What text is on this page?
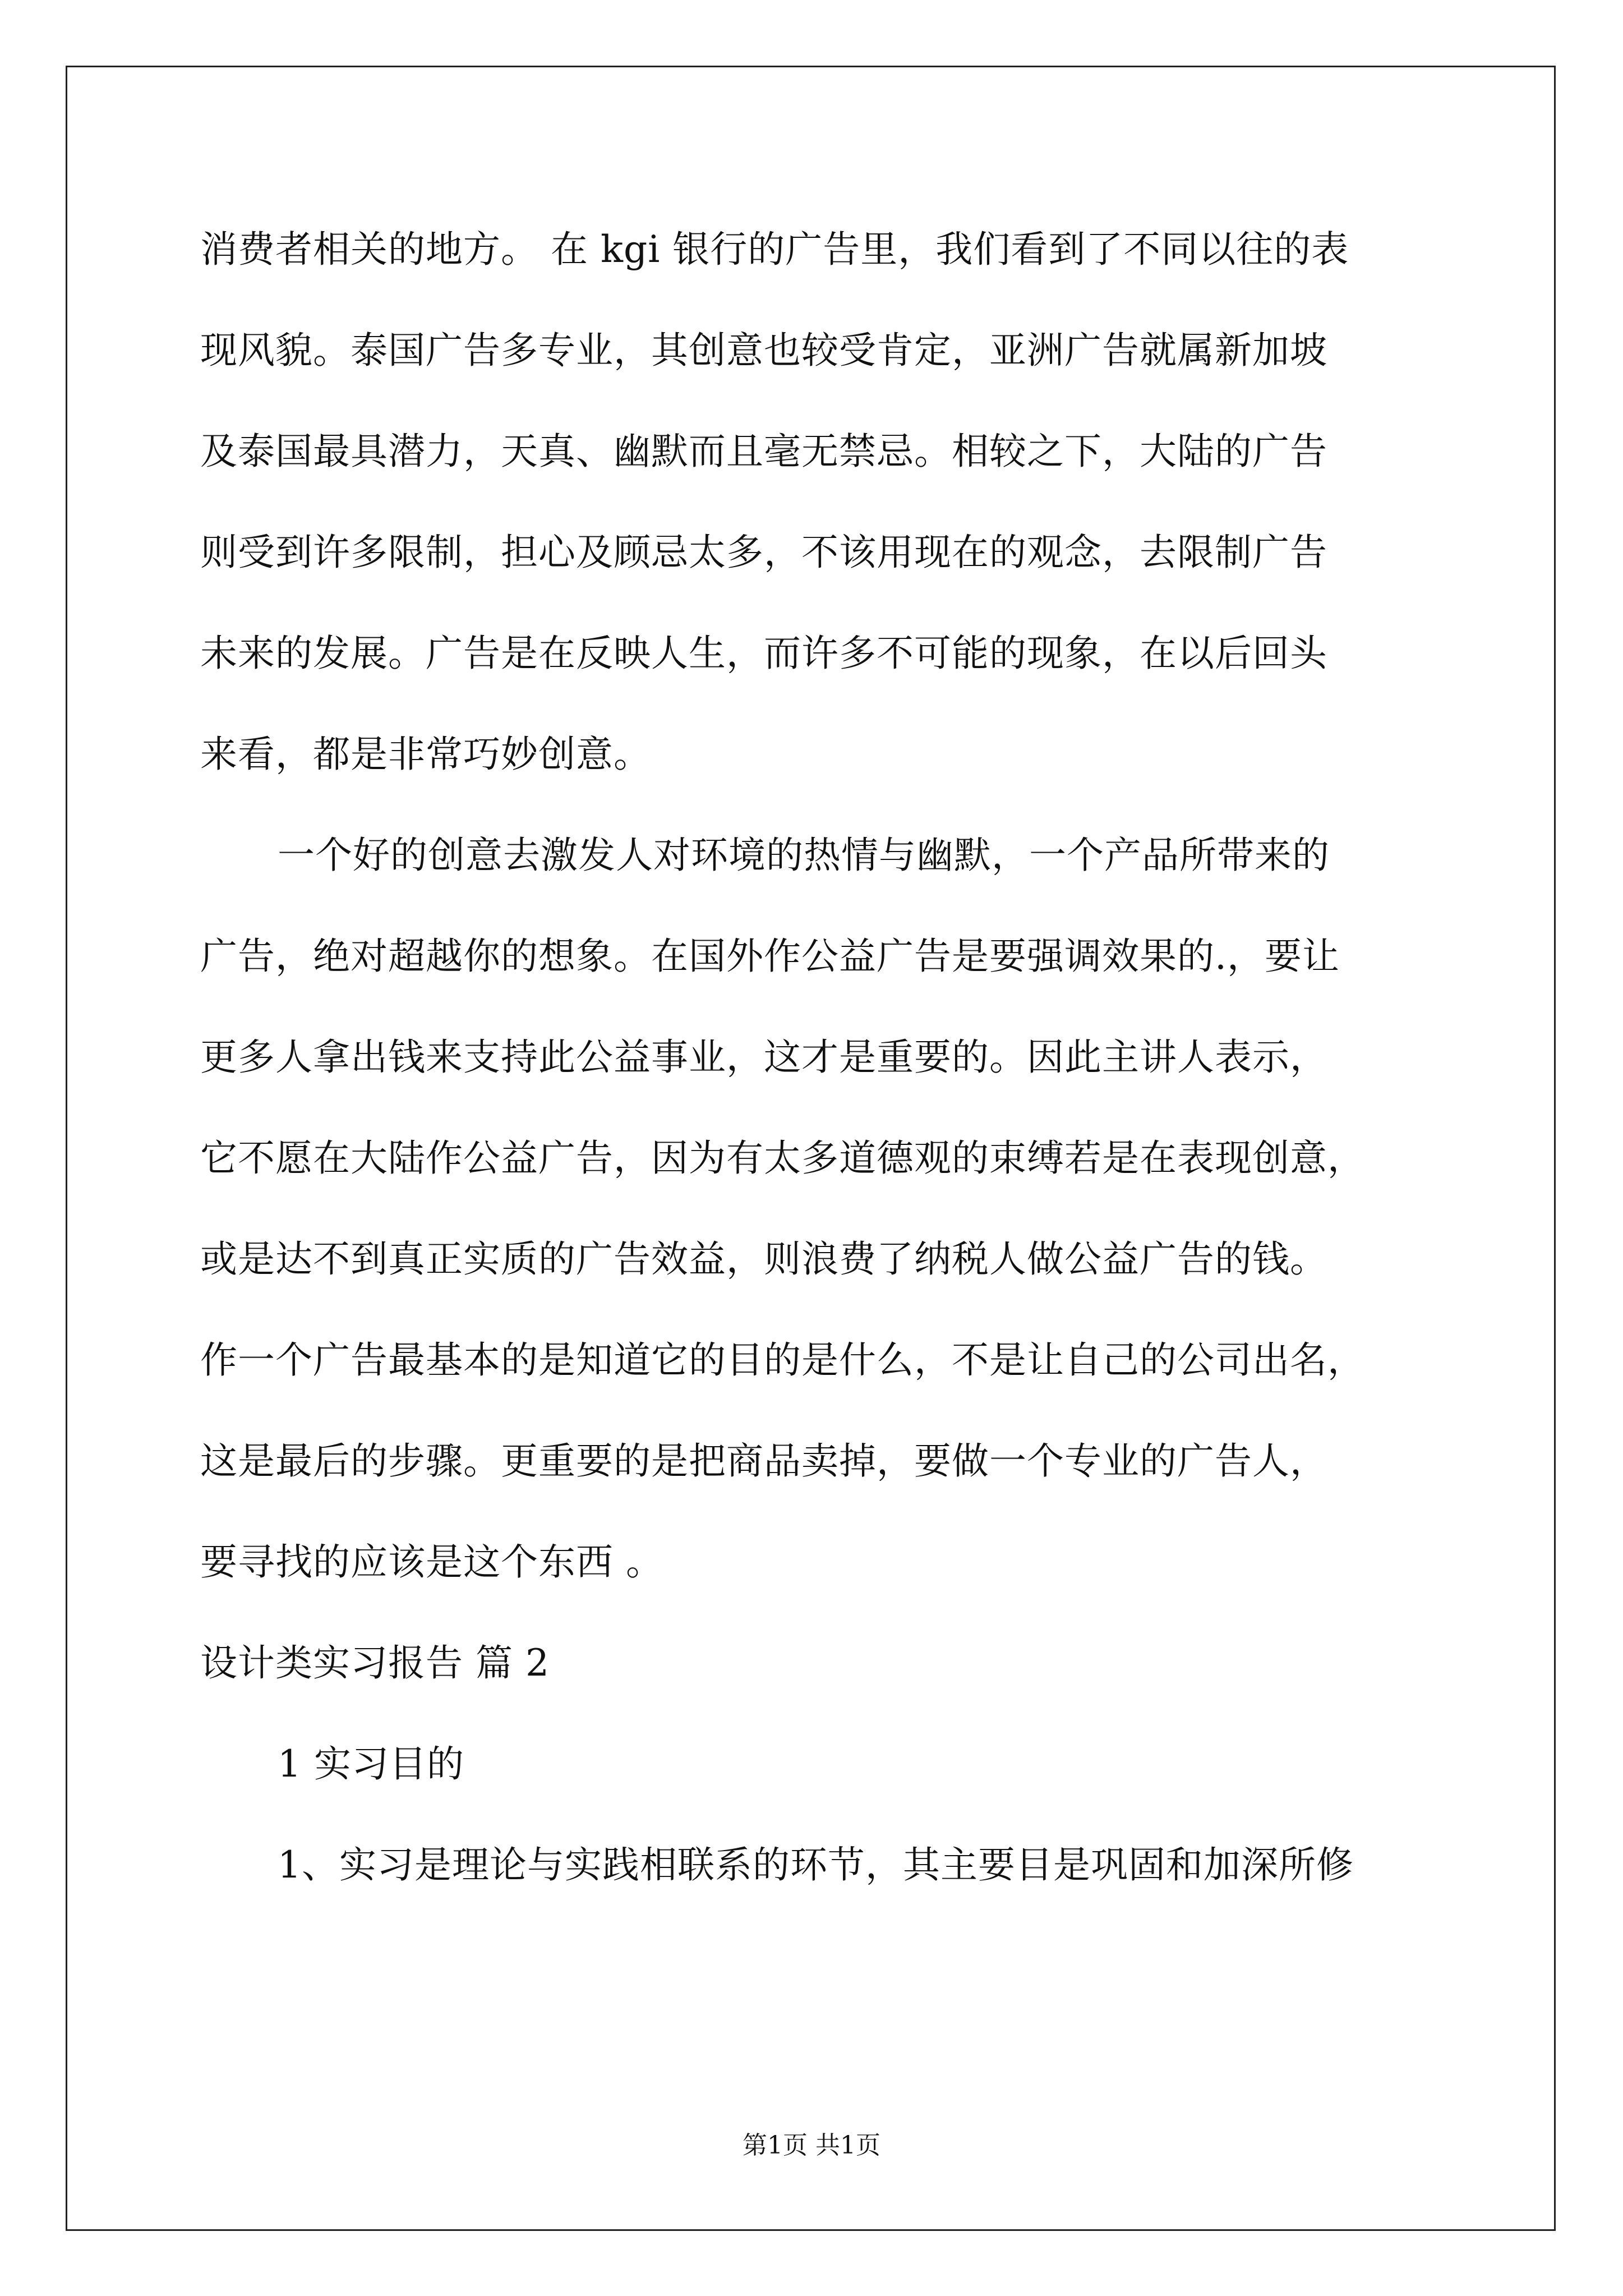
消费者相关的地方。 在 kgi 银行的广告里，我们看到了不同以往的表
现风貌。泰国广告多专业，其创意也较受肯定，亚洲广告就属新加坡
及泰国最具潜力，天真、幽默而且毫无禁忌。相较之下，大陆的广告
则受到许多限制，担心及顾忌太多，不该用现在的观念，去限制广告
未来的发展。广告是在反映人生，而许多不可能的现象，在以后回头
来看，都是非常巧妙创意。
一个好的创意去激发人对环境的热情与幽默，一个产品所带来的
广告，绝对超越你的想象。在国外作公益广告是要强调效果的.，要让
更多人拿出钱来支持此公益事业，这才是重要的。因此主讲人表示，
它不愿在大陆作公益广告，因为有太多道德观的束缚若是在表现创意，
或是达不到真正实质的广告效益，则浪费了纳税人做公益广告的钱。
作一个广告最基本的是知道它的目的是什么，不是让自己的公司出名，
这是最后的步骤。更重要的是把商品卖掉，要做一个专业的广告人，
要寻找的应该是这个东西 。
设计类实习报告 篇 2
1 实习目的
1、实习是理论与实践相联系的环节，其主要目是巩固和加深所修
第1页 共1页
